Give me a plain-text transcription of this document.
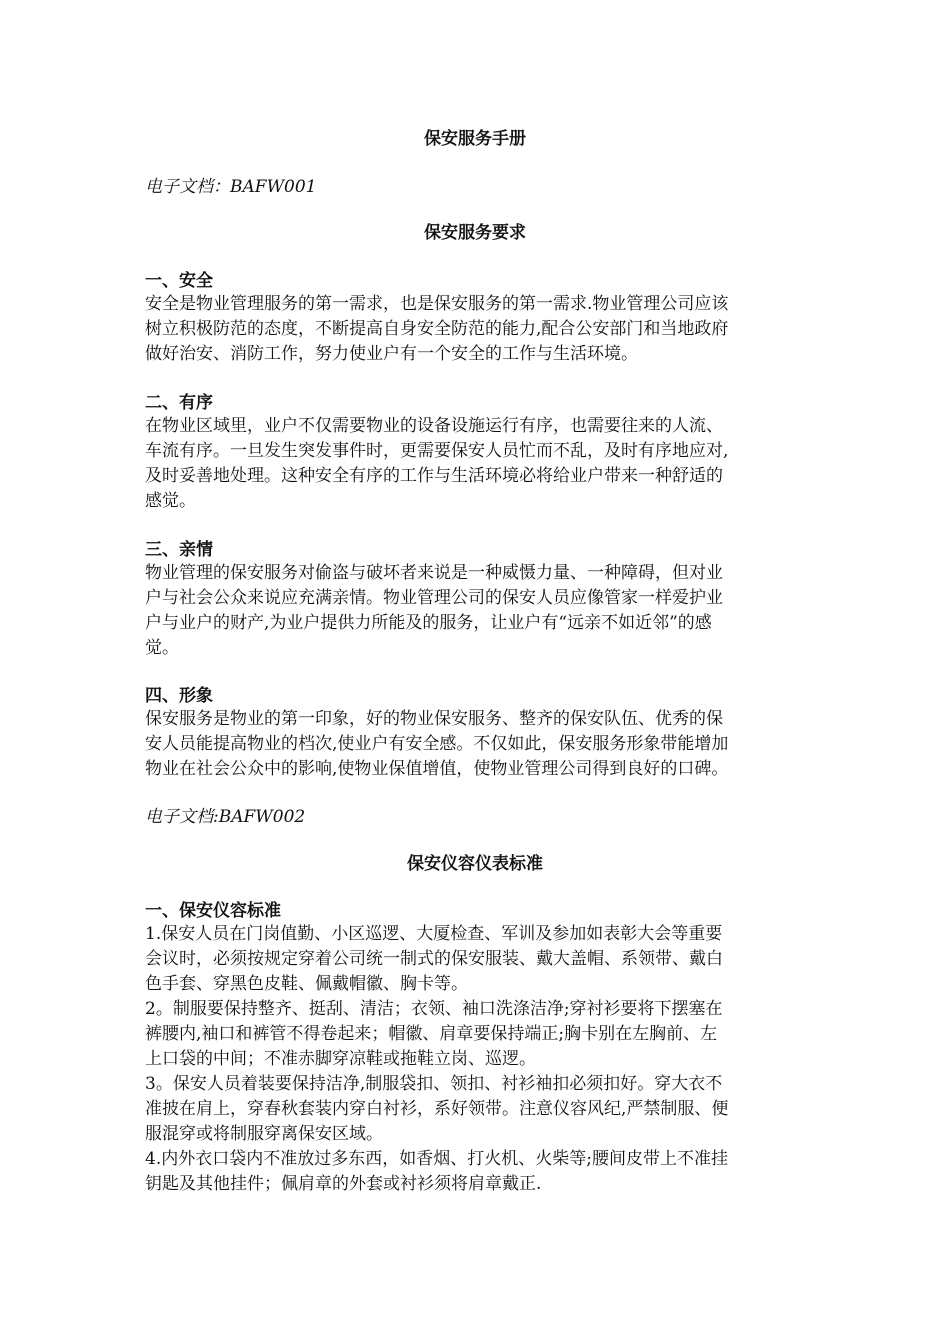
保安服务手册
电子文档：BAFW001
保安服务要求
一、安全
安全是物业管理服务的第一需求，也是保安服务的第一需求.物业管理公司应该
树立积极防范的态度，不断提高自身安全防范的能力,配合公安部门和当地政府
做好治安、消防工作，努力使业户有一个安全的工作与生活环境。
二、有序
在物业区域里，业户不仅需要物业的设备设施运行有序，也需要往来的人流、
车流有序。一旦发生突发事件时，更需要保安人员忙而不乱，及时有序地应对,
及时妥善地处理。这种安全有序的工作与生活环境必将给业户带来一种舒适的
感觉。
三、亲情
物业管理的保安服务对偷盗与破坏者来说是一种威慑力量、一种障碍，但对业
户与社会公众来说应充满亲情。物业管理公司的保安人员应像管家一样爱护业
户与业户的财产,为业户提供力所能及的服务，让业户有“远亲不如近邻”的感
觉。
四、形象
保安服务是物业的第一印象，好的物业保安服务、整齐的保安队伍、优秀的保
安人员能提高物业的档次,使业户有安全感。不仅如此，保安服务形象带能增加
物业在社会公众中的影响,使物业保值增值，使物业管理公司得到良好的口碑。
电子文档:BAFW002
保安仪容仪表标准
一、保安仪容标准
1.保安人员在门岗值勤、小区巡逻、大厦检查、军训及参加如表彰大会等重要
会议时，必须按规定穿着公司统一制式的保安服装、戴大盖帽、系领带、戴白
色手套、穿黑色皮鞋、佩戴帽徽、胸卡等。
2。制服要保持整齐、挺刮、清洁；衣领、袖口洗涤洁净;穿衬衫要将下摆塞在
裤腰内,袖口和裤管不得卷起来；帽徽、肩章要保持端正;胸卡别在左胸前、左
上口袋的中间；不准赤脚穿凉鞋或拖鞋立岗、巡逻。
3。保安人员着装要保持洁净,制服袋扣、领扣、衬衫袖扣必须扣好。穿大衣不
准披在肩上，穿春秋套装内穿白衬衫，系好领带。注意仪容风纪,严禁制服、便
服混穿或将制服穿离保安区域。
4.内外衣口袋内不准放过多东西，如香烟、打火机、火柴等;腰间皮带上不准挂
钥匙及其他挂件；佩肩章的外套或衬衫须将肩章戴正.
